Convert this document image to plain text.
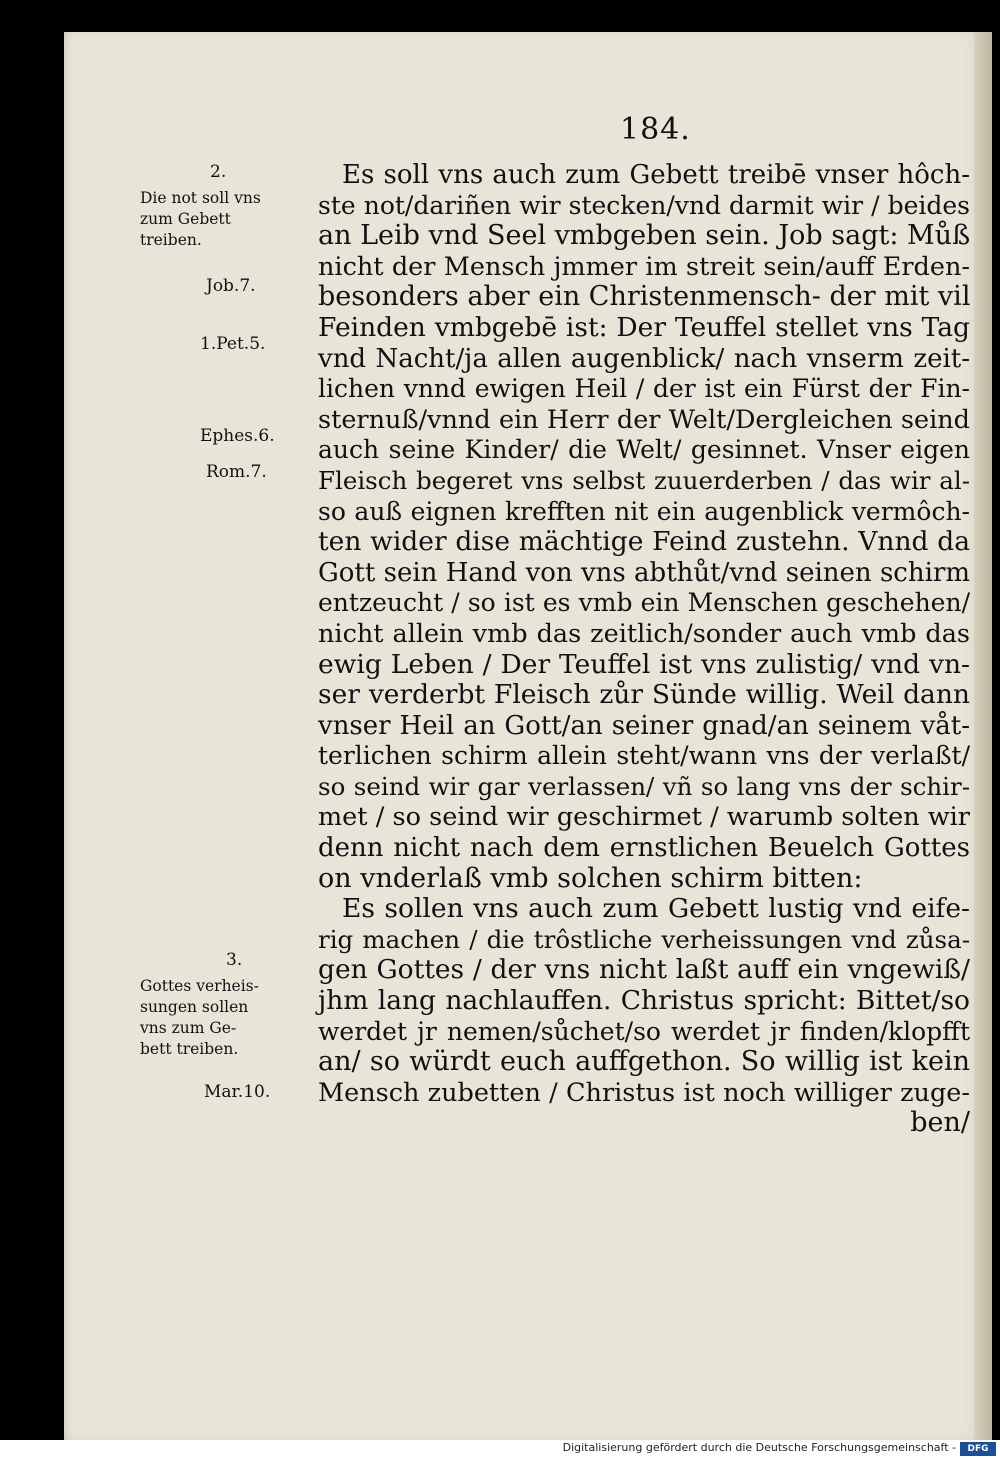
184.

2.
Die not soll vns
zum Gebett
treiben.
Job.7.
1.Pet.5.
Ephes.6.
Rom.7.
3.
Gottes verheis‑
sungen sollen
vns zum Ge‑
bett treiben.
Mar.10.
Es soll vns auch zum Gebett treibē vnser hôch‑
ste not/dariñen wir stecken/vnd darmit wir / beides
an Leib vnd Seel vmbgeben sein. Job sagt: Můß
nicht der Mensch jmmer im streit sein/auff Erden‑
besonders aber ein Christenmensch‑ der mit vil
Feinden vmbgebē ist: Der Teuffel stellet vns Tag
vnd Nacht/ja allen augenblick/ nach vnserm zeit‑
lichen vnnd ewigen Heil / der ist ein Fürst der Fin‑
sternuß/vnnd ein Herr der Welt/Dergleichen seind
auch seine Kinder/ die Welt/ gesinnet. Vnser eigen
Fleisch begeret vns selbst zuuerderben / das wir al‑
so auß eignen krefften nit ein augenblick vermôch‑
ten wider dise mächtige Feind zustehn. Vnnd da
Gott sein Hand von vns abthůt/vnd seinen schirm
entzeucht / so ist es vmb ein Menschen geschehen/
nicht allein vmb das zeitlich/sonder auch vmb das
ewig Leben / Der Teuffel ist vns zulistig/ vnd vn‑
ser verderbt Fleisch zůr Sünde willig. Weil dann
vnser Heil an Gott/an seiner gnad/an seinem våt‑
terlichen schirm allein steht/wann vns der verlaßt/
so seind wir gar verlassen/ vñ so lang vns der schir‑
met / so seind wir geschirmet / warumb solten wir
denn nicht nach dem ernstlichen Beuelch Gottes
on vnderlaß vmb solchen schirm bitten:
Es sollen vns auch zum Gebett lustig vnd eife‑
rig machen / die trôstliche verheissungen vnd zůsa‑
gen Gottes / der vns nicht laßt auff ein vngewiß/
jhm lang nachlauffen. Christus spricht: Bittet/so
werdet jr nemen/sůchet/so werdet jr finden/klopfft
an/ so würdt euch auffgethon. So willig ist kein
Mensch zubetten / Christus ist noch williger zuge‑
ben/
Digitalisierung gefördert durch die Deutsche Forschungsgemeinschaft -	DFG
